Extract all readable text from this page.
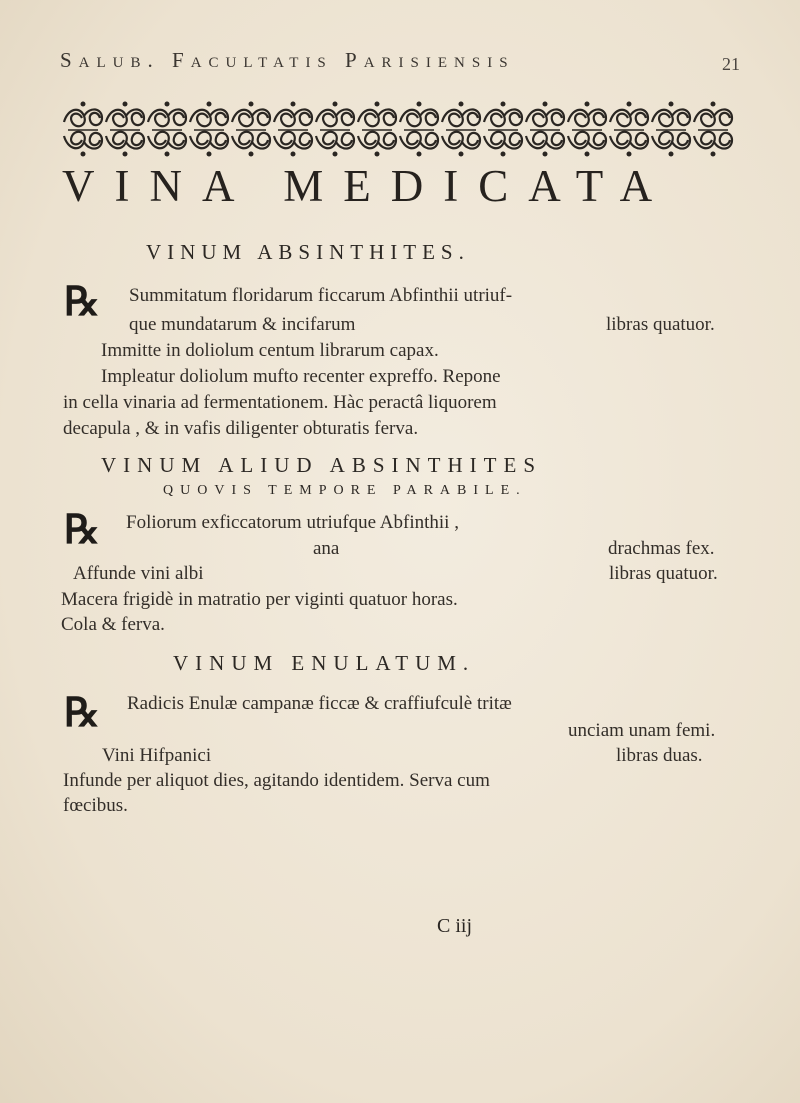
Salub. Facultatis Parisiensis	21
VINA MEDICATA
VINUM ABSINTHITES.
℞ Summitatum floridarum ficcarum Abfinthii utriuf-
que mundatarum & incifarum	libras quatuor.
Immitte in doliolum centum librarum capax.
Impleatur doliolum mufto recenter expreffo. Repone
in cella vinaria ad fermentationem. Hàc peractâ liquorem
decapula , & in vafis diligenter obturatis ferva.
VINUM ALIUD ABSINTHITES
QUOVIS TEMPORE PARABILE.
℞ Foliorum exficcatorum utriufque Abfinthii ,
ana	drachmas fex.
Affunde vini albi	libras quatuor.
Macera frigidè in matratio per viginti quatuor horas.
Cola & ferva.
VINUM ENULATUM.
℞ Radicis Enulæ campanæ ficcæ & craffiufculè tritæ
unciam unam femi.
Vini Hifpanici	libras duas.
Infunde per aliquot dies, agitando identidem. Serva cum
fœcibus.
C iij
